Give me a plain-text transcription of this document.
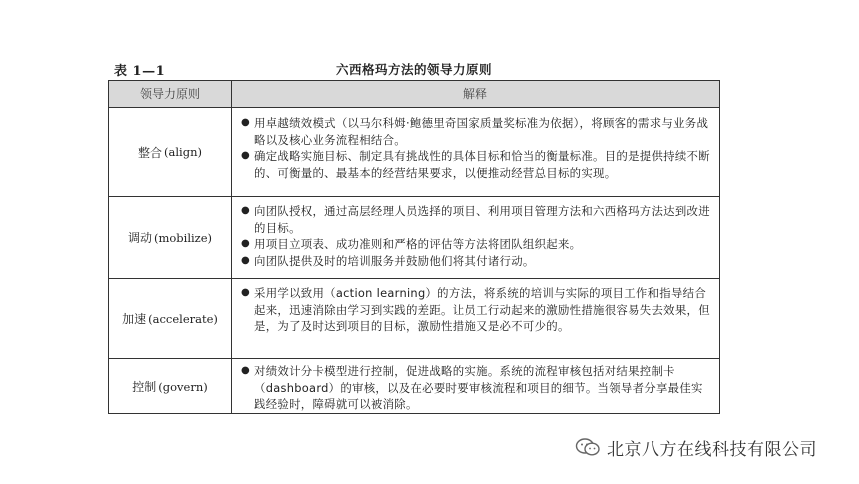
表 1—1	六西格玛方法的领导力原则
领导力原则	解释
整合 (align)
● 用卓越绩效模式（以马尔科姆·鲍德里奇国家质量奖标准为依据），将顾客的需求与业务战略以及核心业务流程相结合。
● 确定战略实施目标、制定具有挑战性的具体目标和恰当的衡量标准。目的是提供持续不断的、可衡量的、最基本的经营结果要求，以便推动经营总目标的实现。
调动 (mobilize)
● 向团队授权，通过高层经理人员选择的项目、利用项目管理方法和六西格玛方法达到改进的目标。
● 用项目立项表、成功准则和严格的评估等方法将团队组织起来。
● 向团队提供及时的培训服务并鼓励他们将其付诸行动。
加速 (accelerate)
● 采用学以致用（action learning）的方法，将系统的培训与实际的项目工作和指导结合起来，迅速消除由学习到实践的差距。让员工行动起来的激励性措施很容易失去效果，但是，为了及时达到项目的目标，激励性措施又是必不可少的。
控制 (govern)
● 对绩效计分卡模型进行控制，促进战略的实施。系统的流程审核包括对结果控制卡（dashboard）的审核，以及在必要时要审核流程和项目的细节。当领导者分享最佳实践经验时，障碍就可以被消除。
北京八方在线科技有限公司
